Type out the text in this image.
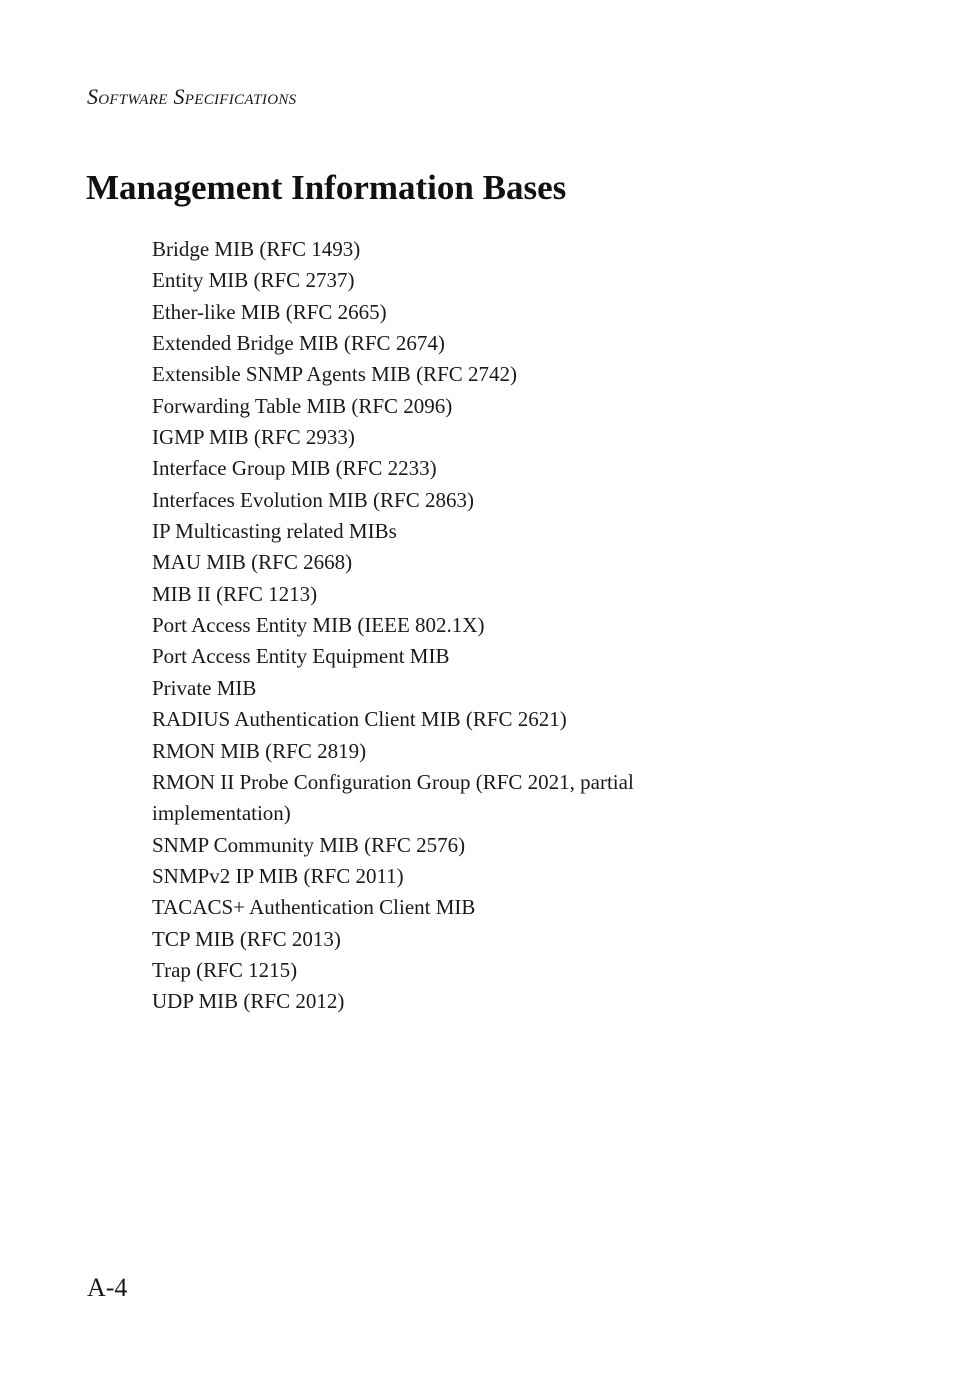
Software Specifications
Management Information Bases
Bridge MIB (RFC 1493)
Entity MIB (RFC 2737)
Ether-like MIB (RFC 2665)
Extended Bridge MIB (RFC 2674)
Extensible SNMP Agents MIB (RFC 2742)
Forwarding Table MIB (RFC 2096)
IGMP MIB (RFC 2933)
Interface Group MIB (RFC 2233)
Interfaces Evolution MIB (RFC 2863)
IP Multicasting related MIBs
MAU MIB (RFC 2668)
MIB II (RFC 1213)
Port Access Entity MIB (IEEE 802.1X)
Port Access Entity Equipment MIB
Private MIB
RADIUS Authentication Client MIB (RFC 2621)
RMON MIB (RFC 2819)
RMON II Probe Configuration Group (RFC 2021, partial implementation)
SNMP Community MIB (RFC 2576)
SNMPv2 IP MIB (RFC 2011)
TACACS+ Authentication Client MIB
TCP MIB (RFC 2013)
Trap (RFC 1215)
UDP MIB (RFC 2012)
A-4
